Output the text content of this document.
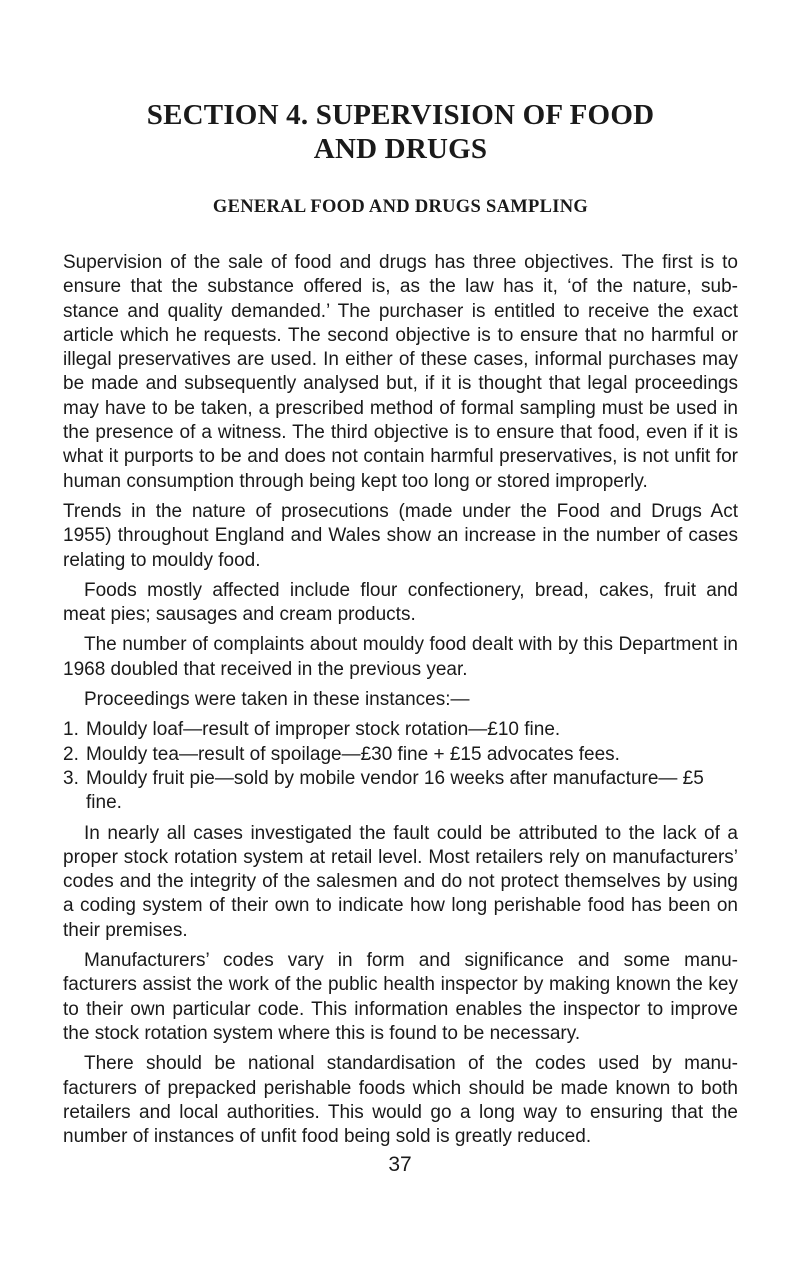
SECTION 4. SUPERVISION OF FOOD
AND DRUGS
GENERAL FOOD AND DRUGS SAMPLING

Supervision of the sale of food and drugs has three objectives. The first is to ensure that the substance offered is, as the law has it, ‘of the nature, sub- stance and quality demanded.’ The purchaser is entitled to receive the exact article which he requests. The second objective is to ensure that no harmful or illegal preservatives are used. In either of these cases, informal purchases may be made and subsequently analysed but, if it is thought that legal proceedings may have to be taken, a prescribed method of formal sampling must be used in the presence of a witness. The third objective is to ensure that food, even if it is what it purports to be and does not contain harmful preservatives, is not unfit for human consumption through being kept too long or stored improperly.

Trends in the nature of prosecutions (made under the Food and Drugs Act 1955) throughout England and Wales show an increase in the number of cases relating to mouldy food.

Foods mostly affected include flour confectionery, bread, cakes, fruit and meat pies; sausages and cream products.

The number of complaints about mouldy food dealt with by this Department in 1968 doubled that received in the previous year.

Proceedings were taken in these instances:—

1. Mouldy loaf—result of improper stock rotation—£10 fine.
2. Mouldy tea—result of spoilage—£30 fine + £15 advocates fees.
3. Mouldy fruit pie—sold by mobile vendor 16 weeks after manufacture— £5 fine.

In nearly all cases investigated the fault could be attributed to the lack of a proper stock rotation system at retail level. Most retailers rely on manufacturers’ codes and the integrity of the salesmen and do not protect themselves by using a coding system of their own to indicate how long perishable food has been on their premises.

Manufacturers’ codes vary in form and significance and some manu- facturers assist the work of the public health inspector by making known the key to their own particular code. This information enables the inspector to improve the stock rotation system where this is found to be necessary.

There should be national standardisation of the codes used by manu- facturers of prepacked perishable foods which should be made known to both retailers and local authorities. This would go a long way to ensuring that the number of instances of unfit food being sold is greatly reduced.

37
